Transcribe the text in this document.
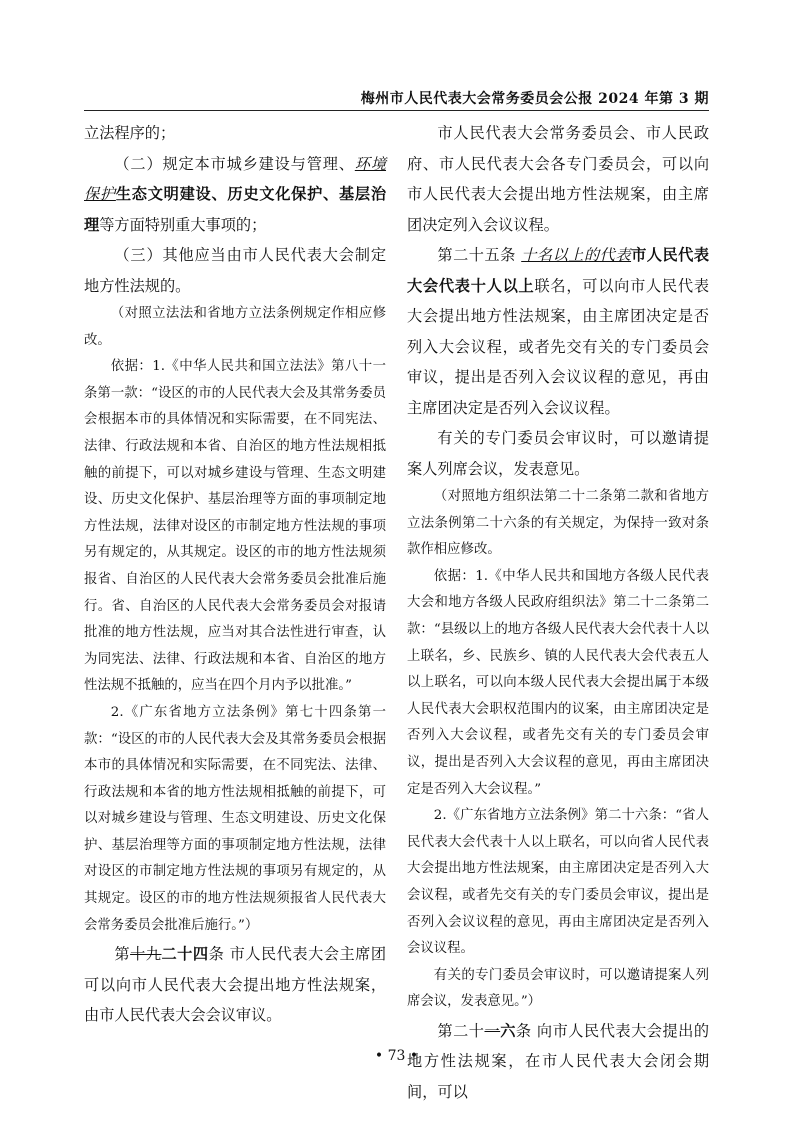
梅州市人民代表大会常务委员会公报 2024 年第 3 期

立法程序的；

（二）规定本市城乡建设与管理、环境保护生态文明建设、历史文化保护、基层治理等方面特别重大事项的；

（三）其他应当由市人民代表大会制定地方性法规的。

（对照立法法和省地方立法条例规定作相应修改。

依据：1.《中华人民共和国立法法》第八十一条第一款：“设区的市的人民代表大会及其常务委员会根据本市的具体情况和实际需要，在不同宪法、法律、行政法规和本省、自治区的地方性法规相抵触的前提下，可以对城乡建设与管理、生态文明建设、历史文化保护、基层治理等方面的事项制定地方性法规，法律对设区的市制定地方性法规的事项另有规定的，从其规定。设区的市的地方性法规须报省、自治区的人民代表大会常务委员会批准后施行。省、自治区的人民代表大会常务委员会对报请批准的地方性法规，应当对其合法性进行审查，认为同宪法、法律、行政法规和本省、自治区的地方性法规不抵触的，应当在四个月内予以批准。”

2.《广东省地方立法条例》第七十四条第一款：“设区的市的人民代表大会及其常务委员会根据本市的具体情况和实际需要，在不同宪法、法律、行政法规和本省的地方性法规相抵触的前提下，可以对城乡建设与管理、生态文明建设、历史文化保护、基层治理等方面的事项制定地方性法规，法律对设区的市制定地方性法规的事项另有规定的，从其规定。设区的市的地方性法规须报省人民代表大会常务委员会批准后施行。”）

第十九二十四条 市人民代表大会主席团可以向市人民代表大会提出地方性法规案，由市人民代表大会会议审议。

市人民代表大会常务委员会、市人民政府、市人民代表大会各专门委员会，可以向市人民代表大会提出地方性法规案，由主席团决定列入会议议程。

第二十五条 十名以上的代表市人民代表大会代表十人以上联名，可以向市人民代表大会提出地方性法规案，由主席团决定是否列入大会议程，或者先交有关的专门委员会审议，提出是否列入会议议程的意见，再由主席团决定是否列入会议议程。

有关的专门委员会审议时，可以邀请提案人列席会议，发表意见。

（对照地方组织法第二十二条第二款和省地方立法条例第二十六条的有关规定，为保持一致对条款作相应修改。

依据：1.《中华人民共和国地方各级人民代表大会和地方各级人民政府组织法》第二十二条第二款：“县级以上的地方各级人民代表大会代表十人以上联名，乡、民族乡、镇的人民代表大会代表五人以上联名，可以向本级人民代表大会提出属于本级人民代表大会职权范围内的议案，由主席团决定是否列入大会议程，或者先交有关的专门委员会审议，提出是否列入大会议程的意见，再由主席团决定是否列入大会议程。”

2.《广东省地方立法条例》第二十六条：“省人民代表大会代表十人以上联名，可以向省人民代表大会提出地方性法规案，由主席团决定是否列入大会议程，或者先交有关的专门委员会审议，提出是否列入会议议程的意见，再由主席团决定是否列入会议议程。

有关的专门委员会审议时，可以邀请提案人列席会议，发表意见。”）

第二十一六条 向市人民代表大会提出的地方性法规案，在市人民代表大会闭会期间，可以

• 73 •
